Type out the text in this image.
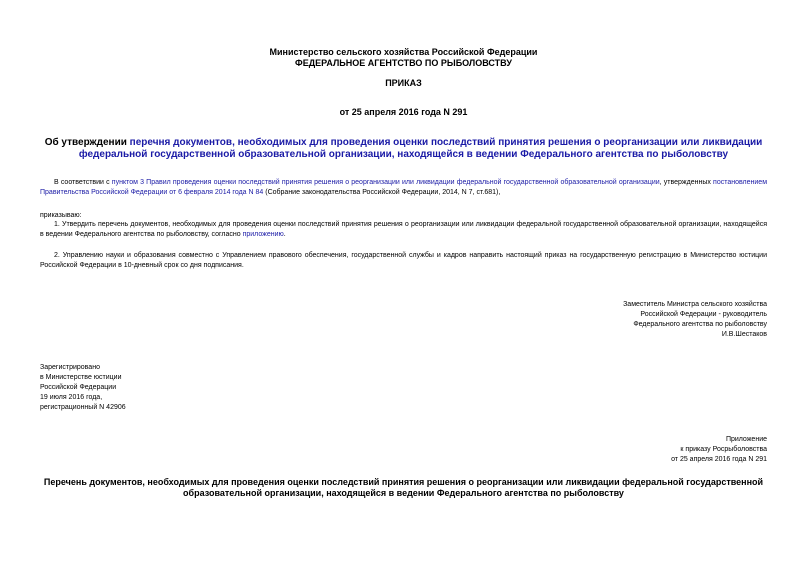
Министерство сельского хозяйства Российской Федерации
ФЕДЕРАЛЬНОЕ АГЕНТСТВО ПО РЫБОЛОВСТВУ
ПРИКАЗ
от 25 апреля 2016 года N 291
Об утверждении перечня документов, необходимых для проведения оценки последствий принятия решения о реорганизации или ликвидации федеральной государственной образовательной организации, находящейся в ведении Федерального агентства по рыболовству
В соответствии с пунктом 3 Правил проведения оценки последствий принятия решения о реорганизации или ликвидации федеральной государственной образовательной организации, утвержденных постановлением Правительства Российской Федерации от 6 февраля 2014 года N 84 (Собрание законодательства Российской Федерации, 2014, N 7, ст.681),
приказываю:
1. Утвердить перечень документов, необходимых для проведения оценки последствий принятия решения о реорганизации или ликвидации федеральной государственной образовательной организации, находящейся в ведении Федерального агентства по рыболовству, согласно приложению.
2. Управлению науки и образования совместно с Управлением правового обеспечения, государственной службы и кадров направить настоящий приказ на государственную регистрацию в Министерство юстиции Российской Федерации в 10-дневный срок со дня подписания.
Заместитель Министра сельского хозяйства
Российской Федерации - руководитель
Федерального агентства по рыболовству
И.В.Шестаков
Зарегистрировано
в Министерстве юстиции
Российской Федерации
19 июля 2016 года,
регистрационный N 42906
Приложение
к приказу Росрыболовства
от 25 апреля 2016 года N 291
Перечень документов, необходимых для проведения оценки последствий принятия решения о реорганизации или ликвидации федеральной государственной образовательной организации, находящейся в ведении Федерального агентства по рыболовству
